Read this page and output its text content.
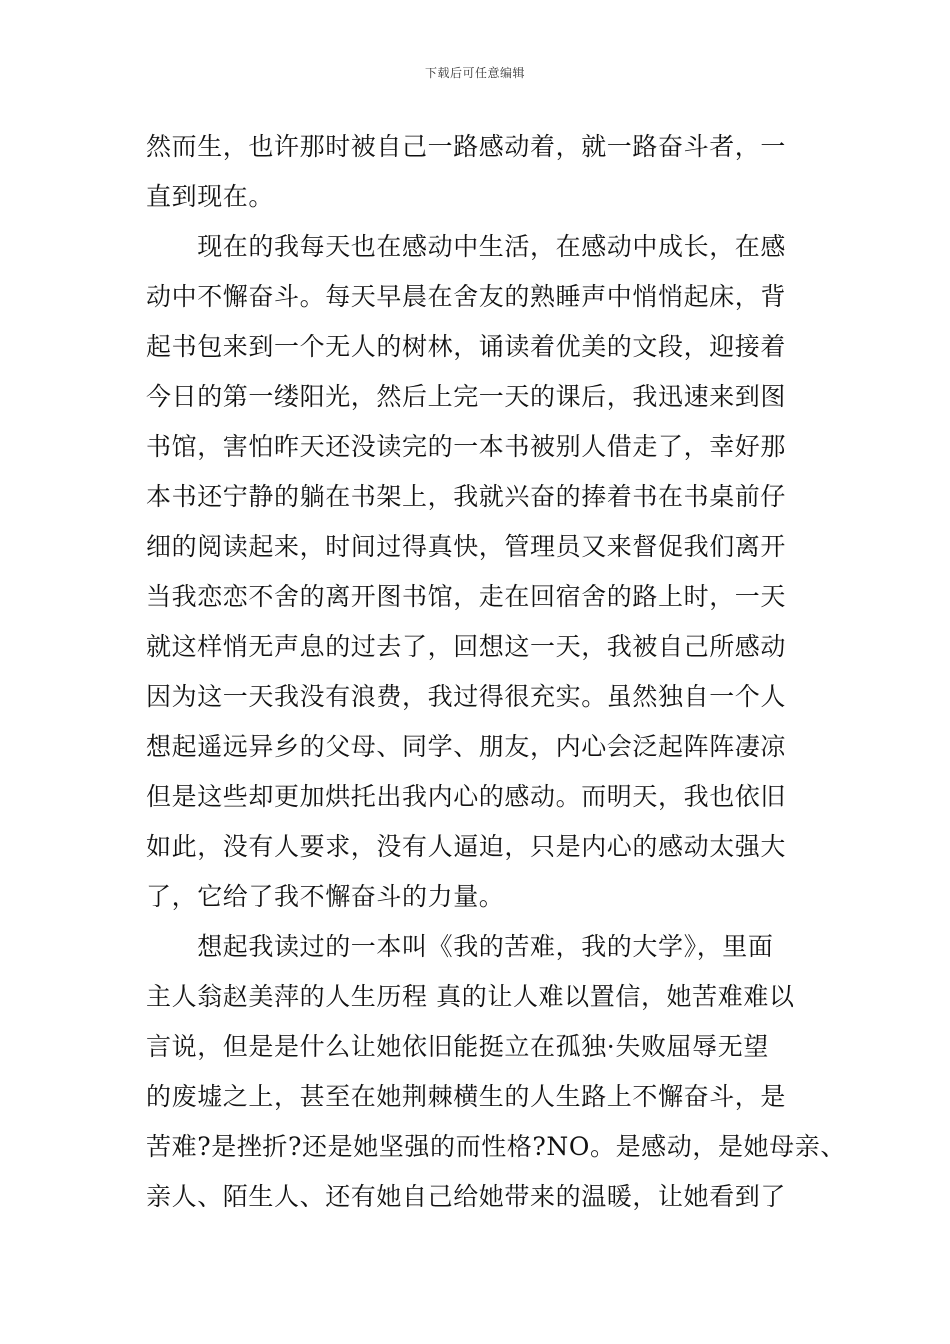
下载后可任意编辑
然而生，也许那时被自己一路感动着，就一路奋斗者，一
直到现在。
　　现在的我每天也在感动中生活，在感动中成长，在感
动中不懈奋斗。每天早晨在舍友的熟睡声中悄悄起床，背
起书包来到一个无人的树林，诵读着优美的文段，迎接着
今日的第一缕阳光，然后上完一天的课后，我迅速来到图
书馆，害怕昨天还没读完的一本书被别人借走了，幸好那
本书还宁静的躺在书架上，我就兴奋的捧着书在书桌前仔
细的阅读起来，时间过得真快，管理员又来督促我们离开
当我恋恋不舍的离开图书馆，走在回宿舍的路上时，一天
就这样悄无声息的过去了，回想这一天，我被自己所感动
因为这一天我没有浪费，我过得很充实。虽然独自一个人
想起遥远异乡的父母、同学、朋友，内心会泛起阵阵凄凉
但是这些却更加烘托出我内心的感动。而明天，我也依旧
如此，没有人要求，没有人逼迫，只是内心的感动太强大
了，它给了我不懈奋斗的力量。
　　想起我读过的一本叫《我的苦难，我的大学》，里面
主人翁赵美萍的人生历程 真的让人难以置信，她苦难难以
言说，但是是什么让她依旧能挺立在孤独·失败屈辱无望
的废墟之上，甚至在她荆棘横生的人生路上不懈奋斗，是
苦难?是挫折?还是她坚强的而性格?NO。是感动，是她母亲、
亲人、陌生人、还有她自己给她带来的温暖，让她看到了
